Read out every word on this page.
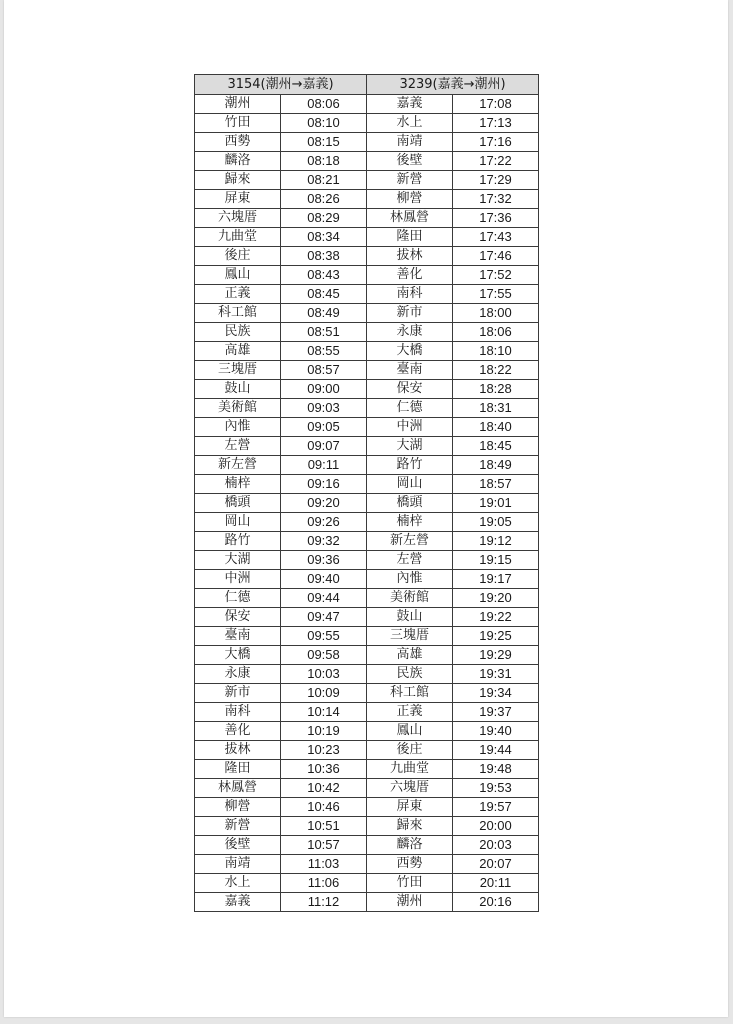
3154(潮州→嘉義)		3239(嘉義→潮州)	
潮州	08:06	嘉義	17:08
竹田	08:10	水上	17:13
西勢	08:15	南靖	17:16
麟洛	08:18	後壁	17:22
歸來	08:21	新營	17:29
屏東	08:26	柳營	17:32
六塊厝	08:29	林鳳營	17:36
九曲堂	08:34	隆田	17:43
後庄	08:38	拔林	17:46
鳳山	08:43	善化	17:52
正義	08:45	南科	17:55
科工館	08:49	新市	18:00
民族	08:51	永康	18:06
高雄	08:55	大橋	18:10
三塊厝	08:57	臺南	18:22
鼓山	09:00	保安	18:28
美術館	09:03	仁德	18:31
內惟	09:05	中洲	18:40
左營	09:07	大湖	18:45
新左營	09:11	路竹	18:49
楠梓	09:16	岡山	18:57
橋頭	09:20	橋頭	19:01
岡山	09:26	楠梓	19:05
路竹	09:32	新左營	19:12
大湖	09:36	左營	19:15
中洲	09:40	內惟	19:17
仁德	09:44	美術館	19:20
保安	09:47	鼓山	19:22
臺南	09:55	三塊厝	19:25
大橋	09:58	高雄	19:29
永康	10:03	民族	19:31
新市	10:09	科工館	19:34
南科	10:14	正義	19:37
善化	10:19	鳳山	19:40
拔林	10:23	後庄	19:44
隆田	10:36	九曲堂	19:48
林鳳營	10:42	六塊厝	19:53
柳營	10:46	屏東	19:57
新營	10:51	歸來	20:00
後壁	10:57	麟洛	20:03
南靖	11:03	西勢	20:07
水上	11:06	竹田	20:11
嘉義	11:12	潮州	20:16
